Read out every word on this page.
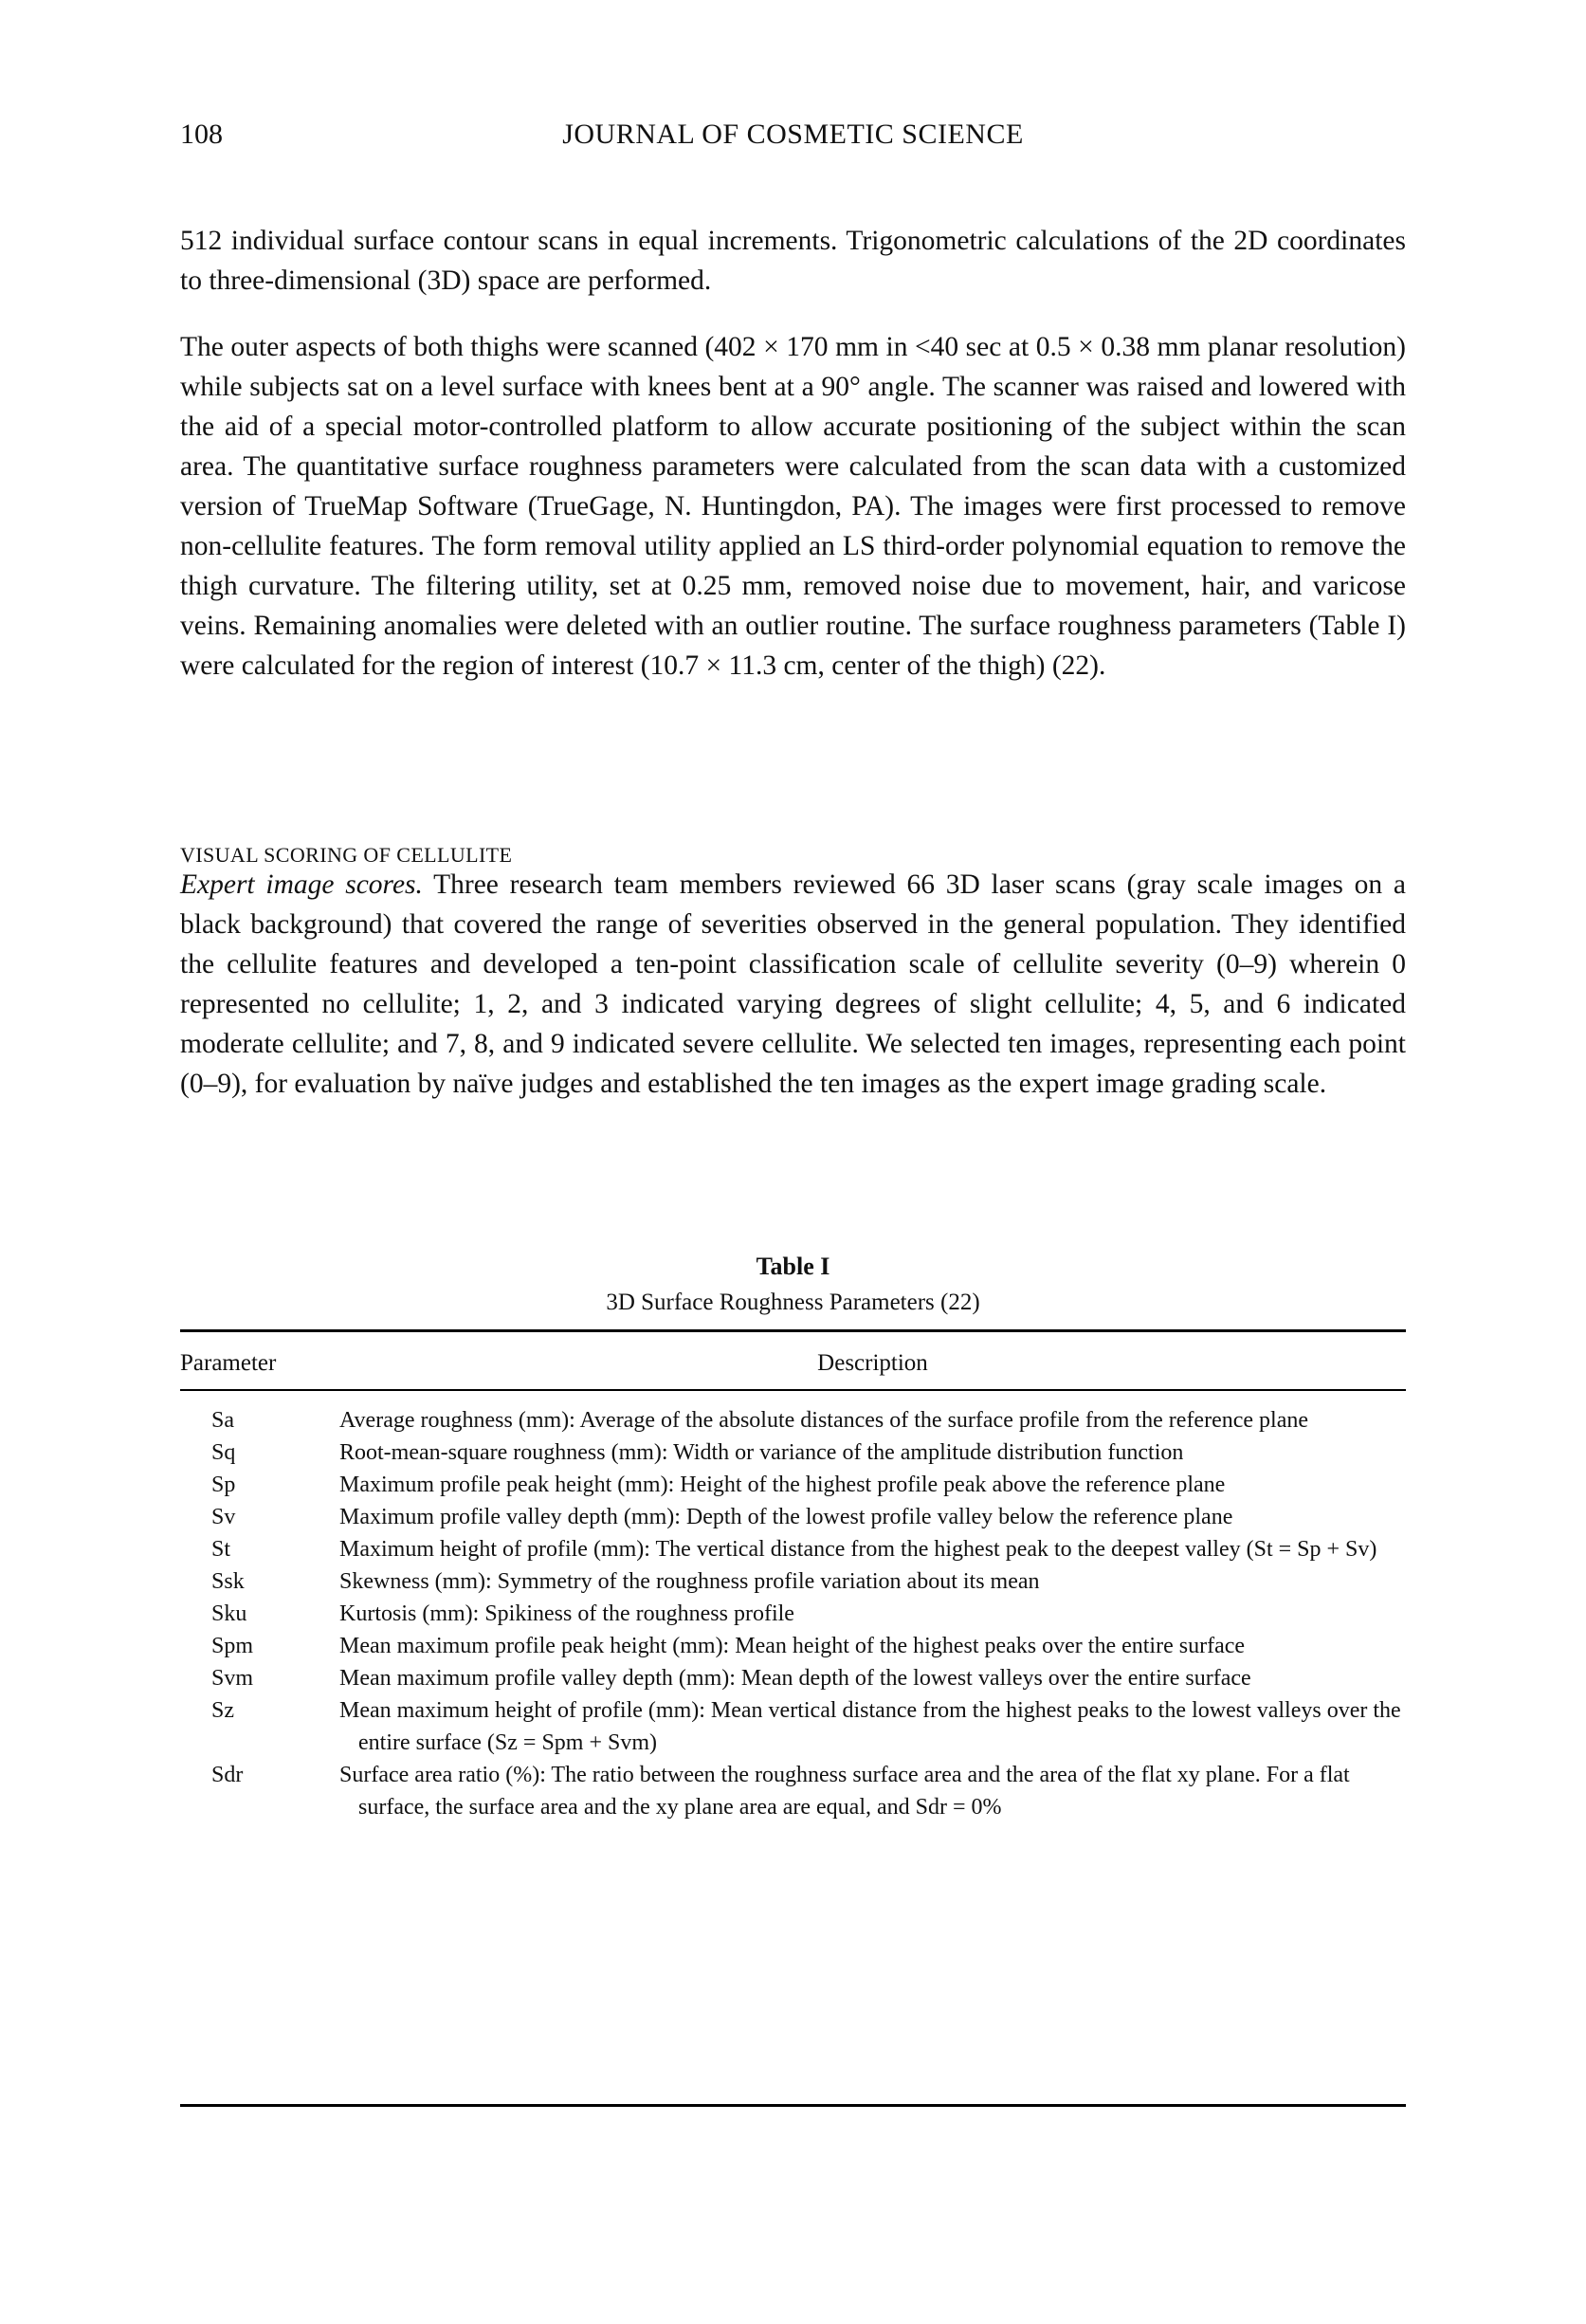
108	JOURNAL OF COSMETIC SCIENCE

512 individual surface contour scans in equal increments. Trigonometric calculations of the 2D coordinates to three-dimensional (3D) space are performed.

The outer aspects of both thighs were scanned (402 × 170 mm in <40 sec at 0.5 × 0.38 mm planar resolution) while subjects sat on a level surface with knees bent at a 90° angle. The scanner was raised and lowered with the aid of a special motor-controlled platform to allow accurate positioning of the subject within the scan area. The quantitative surface roughness parameters were calculated from the scan data with a customized version of TrueMap Software (TrueGage, N. Huntingdon, PA). The images were first processed to remove non-cellulite features. The form removal utility applied an LS third-order polynomial equation to remove the thigh curvature. The filtering utility, set at 0.25 mm, removed noise due to movement, hair, and varicose veins. Remaining anomalies were deleted with an outlier routine. The surface roughness parameters (Table I) were calculated for the region of interest (10.7 × 11.3 cm, center of the thigh) (22).

VISUAL SCORING OF CELLULITE

Expert image scores. Three research team members reviewed 66 3D laser scans (gray scale images on a black background) that covered the range of severities observed in the general population. They identified the cellulite features and developed a ten-point classification scale of cellulite severity (0–9) wherein 0 represented no cellulite; 1, 2, and 3 indicated varying degrees of slight cellulite; 4, 5, and 6 indicated moderate cellulite; and 7, 8, and 9 indicated severe cellulite. We selected ten images, representing each point (0–9), for evaluation by naïve judges and established the ten images as the expert image grading scale.

Table I
3D Surface Roughness Parameters (22)
Parameter	Description
Sa	Average roughness (mm): Average of the absolute distances of the surface profile from the reference plane
Sq	Root-mean-square roughness (mm): Width or variance of the amplitude distribution function
Sp	Maximum profile peak height (mm): Height of the highest profile peak above the reference plane
Sv	Maximum profile valley depth (mm): Depth of the lowest profile valley below the reference plane
St	Maximum height of profile (mm): The vertical distance from the highest peak to the deepest valley (St = Sp + Sv)
Ssk	Skewness (mm): Symmetry of the roughness profile variation about its mean
Sku	Kurtosis (mm): Spikiness of the roughness profile
Spm	Mean maximum profile peak height (mm): Mean height of the highest peaks over the entire surface
Svm	Mean maximum profile valley depth (mm): Mean depth of the lowest valleys over the entire surface
Sz	Mean maximum height of profile (mm): Mean vertical distance from the highest peaks to the lowest valleys over the entire surface (Sz = Spm + Svm)
Sdr	Surface area ratio (%): The ratio between the roughness surface area and the area of the flat xy plane. For a flat surface, the surface area and the xy plane area are equal, and Sdr = 0%
